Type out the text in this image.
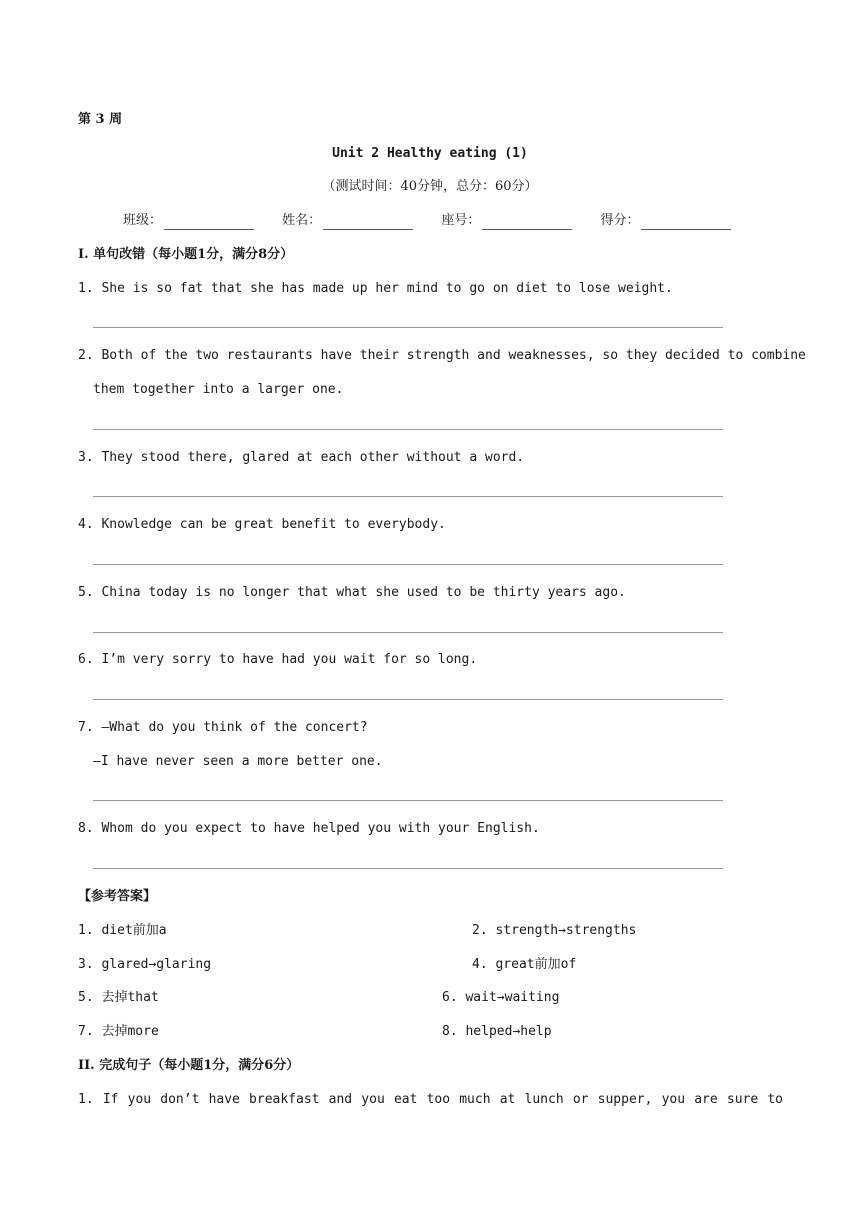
第 3 周
Unit 2 Healthy eating (1)
（测试时间：40分钟，总分：60分）
班级：	姓名：	座号：	得分：
I. 单句改错（每小题1分，满分8分）
1. She is so fat that she has made up her mind to go on diet to lose weight.
2. Both of the two restaurants have their strength and weaknesses, so they decided to combine
them together into a larger one.
3. They stood there, glared at each other without a word.
4. Knowledge can be great benefit to everybody.
5. China today is no longer that what she used to be thirty years ago.
6. I’m very sorry to have had you wait for so long.
7. —What do you think of the concert?
—I have never seen a more better one.
8. Whom do you expect to have helped you with your English.
【参考答案】
1. diet前加a	2. strength→strengths
3. glared→glaring	4. great前加of
5. 去掉that	6. wait→waiting
7. 去掉more	8. helped→help
II. 完成句子（每小题1分，满分6分）
1. If you don’t have breakfast and you eat too much at lunch or supper, you are sure to
